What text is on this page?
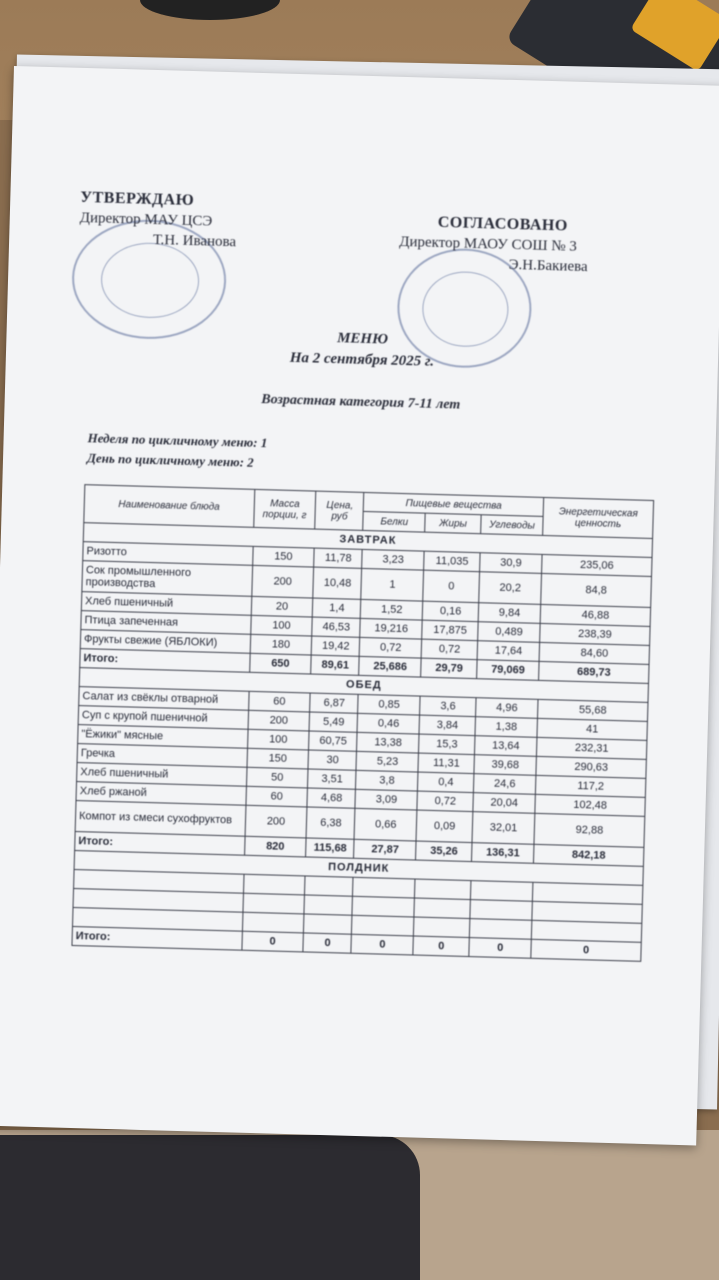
УТВЕРЖДАЮ
Директор МАУ ЦСЭ
Т.Н. Иванова
СОГЛАСОВАНО
Директор МАОУ СОШ № 3
Э.Н.Бакиева
МЕНЮ
На 2 сентября 2025 г.
Возрастная категория 7-11 лет
Неделя по цикличному меню: 1
День по цикличному меню: 2
Наименование блюда	Масса порции, г	Цена, руб	Пищевые вещества			Энергетическая ценность
			Белки	Жиры	Углеводы	
ЗАВТРАК						
Ризотто	150	11,78	3,23	11,035	30,9	235,06
Сок промышленного производства	200	10,48	1	0	20,2	84,8
Хлеб пшеничный	20	1,4	1,52	0,16	9,84	46,88
Птица запеченная	100	46,53	19,216	17,875	0,489	238,39
Фрукты свежие (ЯБЛОКИ)	180	19,42	0,72	0,72	17,64	84,60
Итого:	650	89,61	25,686	29,79	79,069	689,73
ОБЕД						
Салат из свёклы отварной	60	6,87	0,85	3,6	4,96	55,68
Суп с крупой пшеничной	200	5,49	0,46	3,84	1,38	41
"Ёжики" мясные	100	60,75	13,38	15,3	13,64	232,31
Гречка	150	30	5,23	11,31	39,68	290,63
Хлеб пшеничный	50	3,51	3,8	0,4	24,6	117,2
Хлеб ржаной	60	4,68	3,09	0,72	20,04	102,48
Компот из смеси сухофруктов	200	6,38	0,66	0,09	32,01	92,88
Итого:	820	115,68	27,87	35,26	136,31	842,18
ПОЛДНИК						

Итого:	0	0	0	0	0	0
